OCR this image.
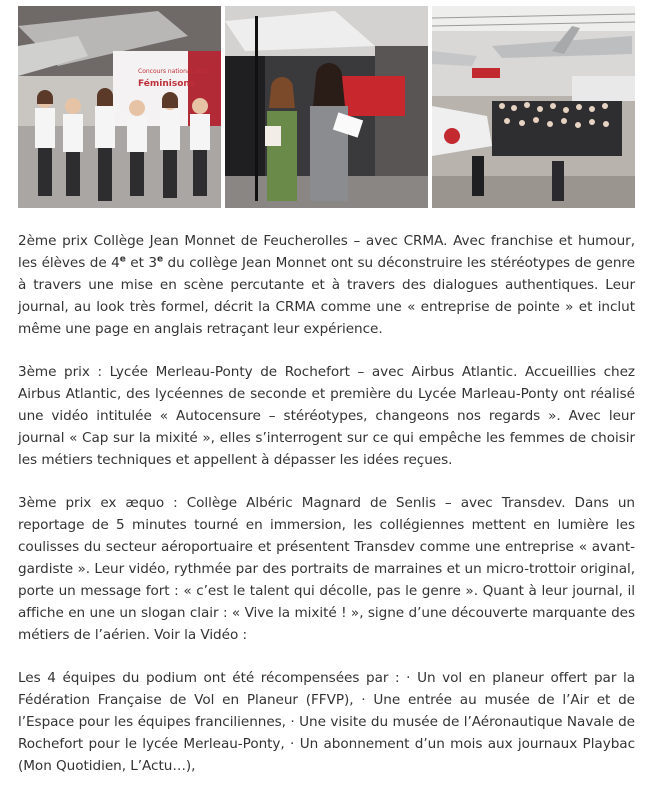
Concours national 2025
Féminisons

2ème prix Collège Jean Monnet de Feucherolles – avec CRMA. Avec franchise et humour, les élèves de 4e et 3e du collège Jean Monnet ont su déconstruire les stéréotypes de genre à travers une mise en scène percutante et à travers des dialogues authentiques. Leur journal, au look très formel, décrit la CRMA comme une « entreprise de pointe » et inclut même une page en anglais retraçant leur expérience.

3ème prix : Lycée Merleau-Ponty de Rochefort – avec Airbus Atlantic. Accueillies chez Airbus Atlantic, des lycéennes de seconde et première du Lycée Marleau-Ponty ont réalisé une vidéo intitulée « Autocensure – stéréotypes, changeons nos regards ». Avec leur journal « Cap sur la mixité », elles s’interrogent sur ce qui empêche les femmes de choisir les métiers techniques et appellent à dépasser les idées reçues.

3ème prix ex æquo : Collège Albéric Magnard de Senlis – avec Transdev. Dans un reportage de 5 minutes tourné en immersion, les collégiennes mettent en lumière les coulisses du secteur aéroportuaire et présentent Transdev comme une entreprise « avant-gardiste ». Leur vidéo, rythmée par des portraits de marraines et un micro-trottoir original, porte un message fort : « c’est le talent qui décolle, pas le genre ». Quant à leur journal, il affiche en une un slogan clair : « Vive la mixité ! », signe d’une découverte marquante des métiers de l’aérien. Voir la Vidéo :

Les 4 équipes du podium ont été récompensées par : · Un vol en planeur offert par la Fédération Française de Vol en Planeur (FFVP), · Une entrée au musée de l’Air et de l’Espace pour les équipes franciliennes, · Une visite du musée de l’Aéronautique Navale de Rochefort pour le lycée Merleau-Ponty, · Un abonnement d’un mois aux journaux Playbac (Mon Quotidien, L’Actu…),
